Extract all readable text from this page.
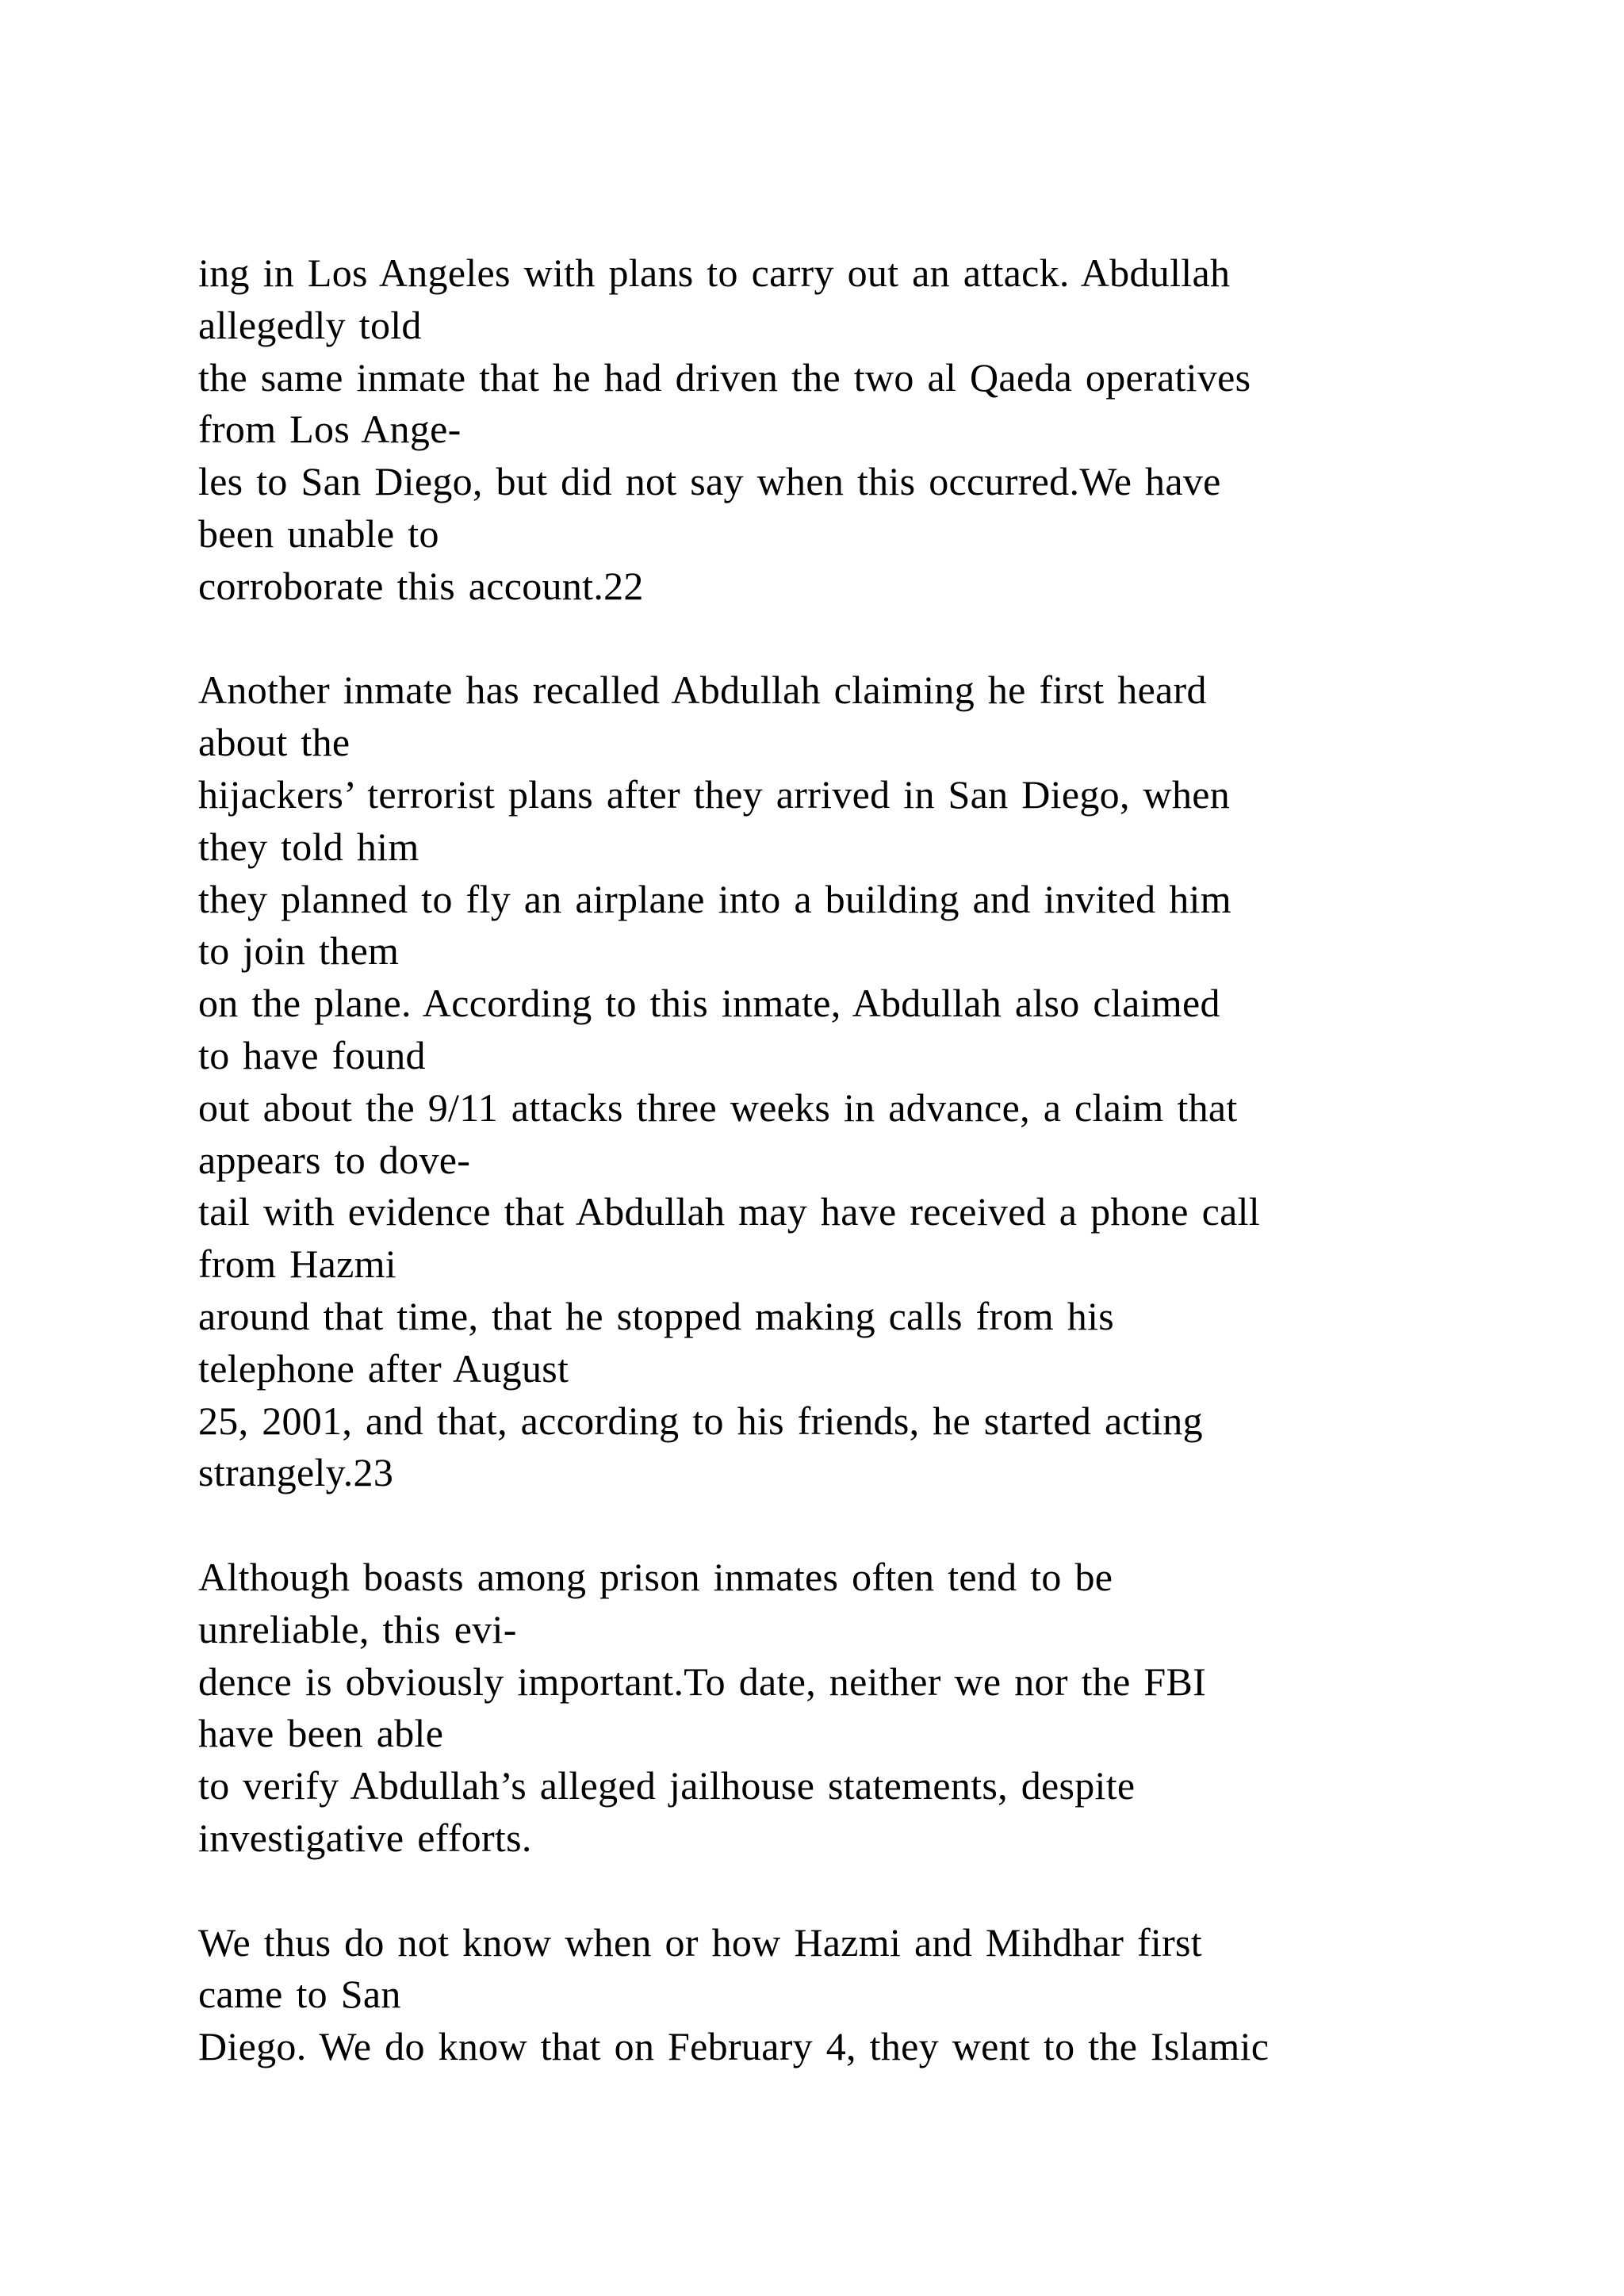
ing in Los Angeles with plans to carry out an attack. Abdullah
allegedly told
the same inmate that he had driven the two al Qaeda operatives
from Los Ange-
les to San Diego, but did not say when this occurred.We have
been unable to
corroborate this account.22

Another inmate has recalled Abdullah claiming he first heard
about the
hijackers’ terrorist plans after they arrived in San Diego, when
they told him
they planned to fly an airplane into a building and invited him
to join them
on the plane. According to this inmate, Abdullah also claimed
to have found
out about the 9/11 attacks three weeks in advance, a claim that
appears to dove-
tail with evidence that Abdullah may have received a phone call
from Hazmi
around that time, that he stopped making calls from his
telephone after August
25, 2001, and that, according to his friends, he started acting
strangely.23

Although boasts among prison inmates often tend to be
unreliable, this evi-
dence is obviously important.To date, neither we nor the FBI
have been able
to verify Abdullah’s alleged jailhouse statements, despite
investigative efforts.

We thus do not know when or how Hazmi and Mihdhar first
came to San
Diego. We do know that on February 4, they went to the Islamic
